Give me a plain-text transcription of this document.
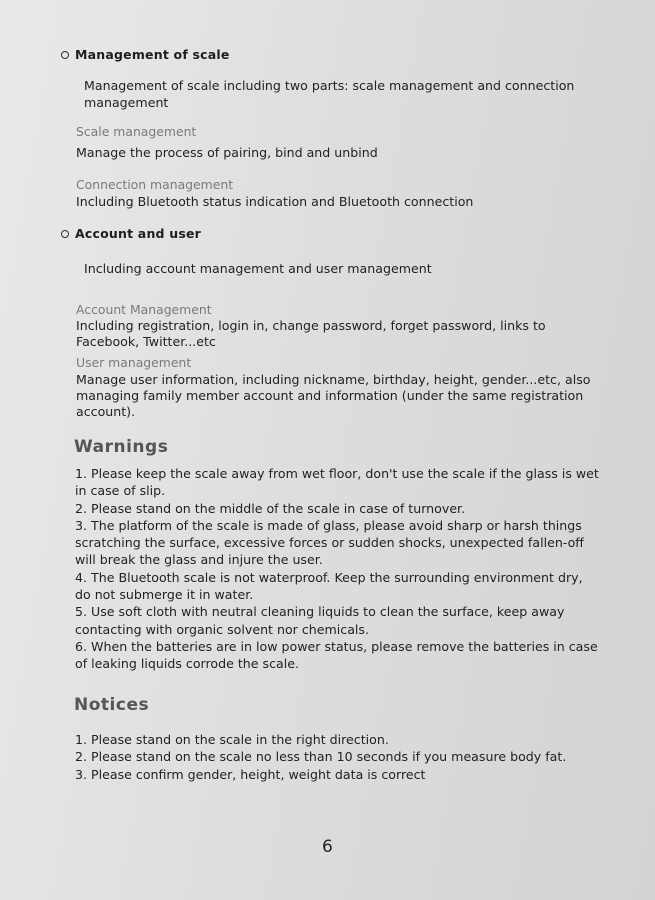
Management of scale
Management of scale including two parts: scale management and connection
management
Scale management
Manage the process of pairing, bind and unbind
Connection management
Including Bluetooth status indication and Bluetooth connection
Account and user
Including account management and user management
Account Management
Including registration, login in, change password, forget password, links to
Facebook, Twitter...etc
User management
Manage user information, including nickname, birthday, height, gender...etc, also
managing family member account and information (under the same registration
account).
Warnings
1. Please keep the scale away from wet floor, don't use the scale if the glass is wet
in case of slip.
2. Please stand on the middle of the scale in case of turnover.
3. The platform of the scale is made of glass, please avoid sharp or harsh things
scratching the surface, excessive forces or sudden shocks, unexpected fallen-off
will break the glass and injure the user.
4. The Bluetooth scale is not waterproof. Keep the surrounding environment dry,
do not submerge it in water.
5. Use soft cloth with neutral cleaning liquids to clean the surface, keep away
contacting with organic solvent nor chemicals.
6. When the batteries are in low power status, please remove the batteries in case
of leaking liquids corrode the scale.
Notices
1. Please stand on the scale in the right direction.
2. Please stand on the scale no less than 10 seconds if you measure body fat.
3. Please confirm gender, height, weight data is correct
6
